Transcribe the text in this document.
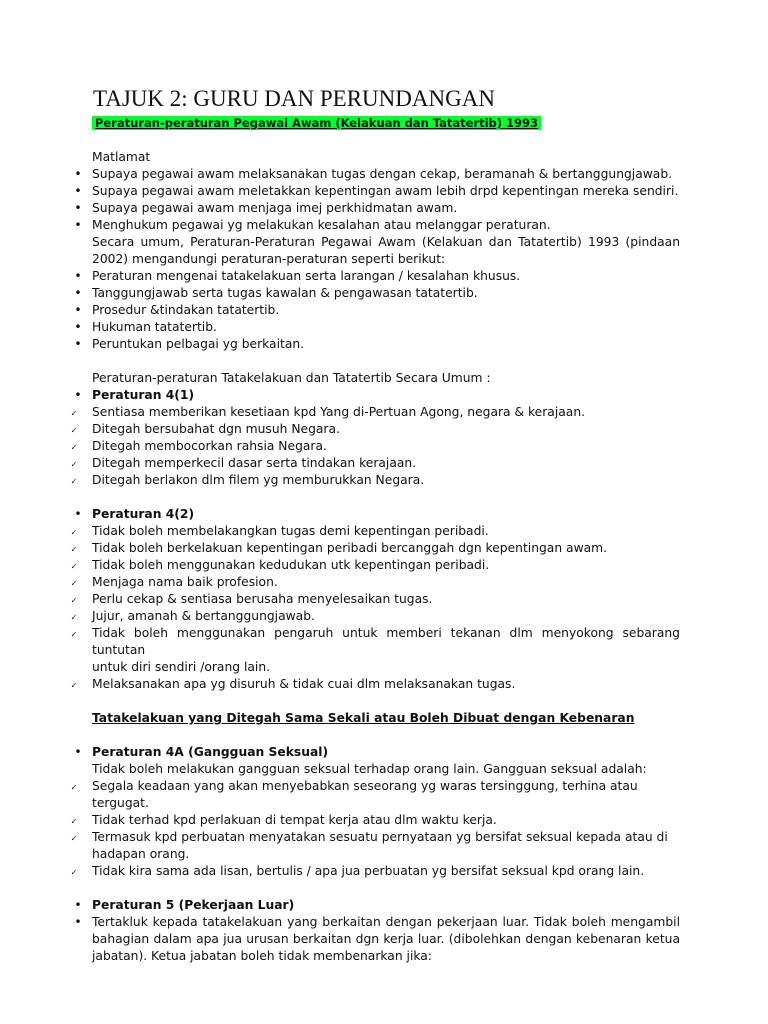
TAJUK 2: GURU DAN PERUNDANGAN
Peraturan-peraturan Pegawai Awam (Kelakuan dan Tatatertib) 1993
Matlamat
• Supaya pegawai awam melaksanakan tugas dengan cekap, beramanah & bertanggungjawab.
• Supaya pegawai awam meletakkan kepentingan awam lebih drpd kepentingan mereka sendiri.
• Supaya pegawai awam menjaga imej perkhidmatan awam.
• Menghukum pegawai yg melakukan kesalahan atau melanggar peraturan.
Secara umum, Peraturan-Peraturan Pegawai Awam (Kelakuan dan Tatatertib) 1993 (pindaan 2002) mengandungi peraturan-peraturan seperti berikut:
• Peraturan mengenai tatakelakuan serta larangan / kesalahan khusus.
• Tanggungjawab serta tugas kawalan & pengawasan tatatertib.
• Prosedur &tindakan tatatertib.
• Hukuman tatatertib.
• Peruntukan pelbagai yg berkaitan.
Peraturan-peraturan Tatakelakuan dan Tatatertib Secara Umum :
• Peraturan 4(1)
✓ Sentiasa memberikan kesetiaan kpd Yang di-Pertuan Agong, negara & kerajaan.
✓ Ditegah bersubahat dgn musuh Negara.
✓ Ditegah membocorkan rahsia Negara.
✓ Ditegah memperkecil dasar serta tindakan kerajaan.
✓ Ditegah berlakon dlm filem yg memburukkan Negara.
• Peraturan 4(2)
✓ Tidak boleh membelakangkan tugas demi kepentingan peribadi.
✓ Tidak boleh berkelakuan kepentingan peribadi bercanggah dgn kepentingan awam.
✓ Tidak boleh menggunakan kedudukan utk kepentingan peribadi.
✓ Menjaga nama baik profesion.
✓ Perlu cekap & sentiasa berusaha menyelesaikan tugas.
✓ Jujur, amanah & bertanggungjawab.
✓ Tidak boleh menggunakan pengaruh untuk memberi tekanan dlm menyokong sebarang tuntutan
untuk diri sendiri /orang lain.
✓ Melaksanakan apa yg disuruh & tidak cuai dlm melaksanakan tugas.
Tatakelakuan yang Ditegah Sama Sekali atau Boleh Dibuat dengan Kebenaran
• Peraturan 4A (Gangguan Seksual)
Tidak boleh melakukan gangguan seksual terhadap orang lain. Gangguan seksual adalah:
✓ Segala keadaan yang akan menyebabkan seseorang yg waras tersinggung, terhina atau tergugat.
✓ Tidak terhad kpd perlakuan di tempat kerja atau dlm waktu kerja.
✓ Termasuk kpd perbuatan menyatakan sesuatu pernyataan yg bersifat seksual kepada atau di
hadapan orang.
✓ Tidak kira sama ada lisan, bertulis / apa jua perbuatan yg bersifat seksual kpd orang lain.
• Peraturan 5 (Pekerjaan Luar)
• Tertakluk kepada tatakelakuan yang berkaitan dengan pekerjaan luar. Tidak boleh mengambil bahagian dalam apa jua urusan berkaitan dgn kerja luar. (dibolehkan dengan kebenaran ketua jabatan). Ketua jabatan boleh tidak membenarkan jika:
